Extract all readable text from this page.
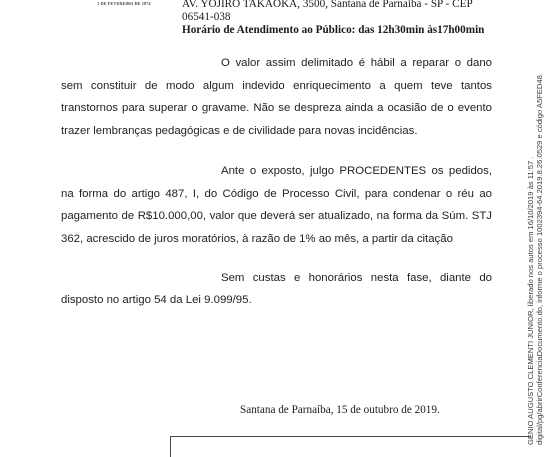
3 DE FEVEREIRO DE 1874	AV. YOJIRO TAKAOKA, 3500, Santana de Parnaiba - SP - CEP
06541-038
Horário de Atendimento ao Público: das 12h30min às17h00min

O valor assim delimitado é hábil a reparar o dano sem constituir de modo algum indevido enriquecimento a quem teve tantos transtornos para superar o gravame. Não se despreza ainda a ocasião de o evento trazer lembranças pedagógicas e de civilidade para novas incidências.

Ante o exposto, julgo PROCEDENTES os pedidos, na forma do artigo 487, I, do Código de Processo Civil, para condenar o réu ao pagamento de R$10.000,00, valor que deverá ser atualizado, na forma da Súm. STJ 362, acrescido de juros moratórios, à razão de 1% ao mês, a partir da citação

Sem custas e honorários nesta fase, diante do disposto no artigo 54 da Lei 9.099/95.

Santana de Parnaíba, 15 de outubro de 2019.	GENIO AUGUSTO CLEMENTI JUNIOR, liberado nos autos em 16/10/2019 às 11:57 . digital/pg/abrirConferenciaDocumento.do, informe o processo 1002394-64.2019.8.26.0529 e código A5FED48.
